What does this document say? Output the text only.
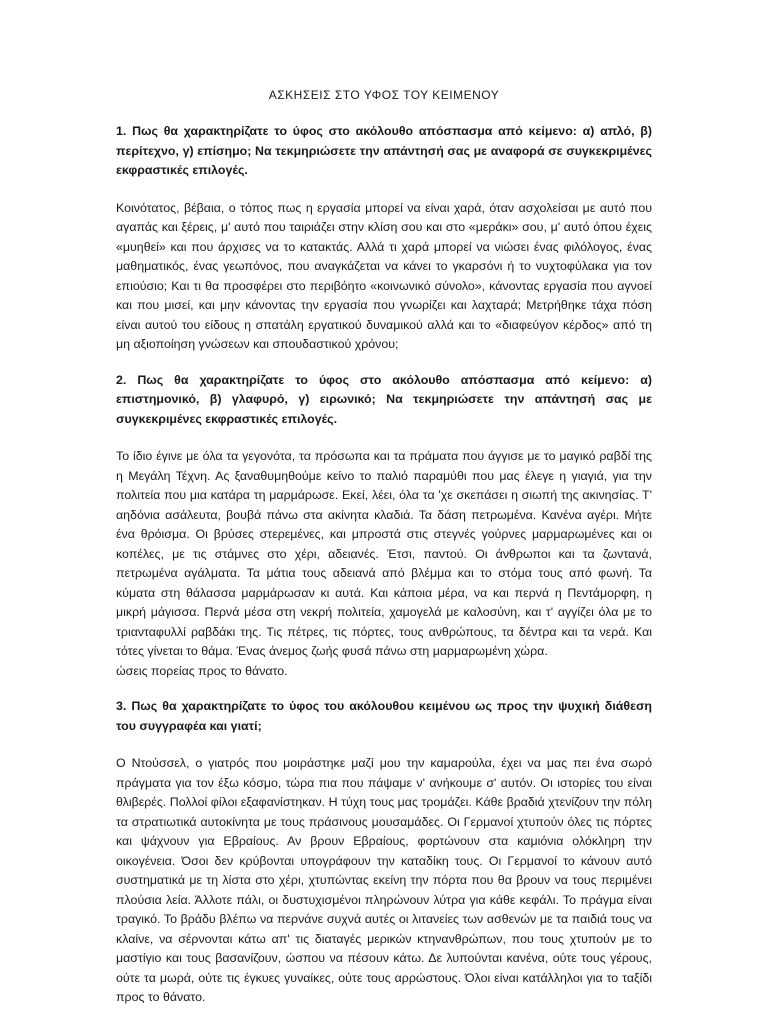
ΑΣΚΗΣΕΙΣ ΣΤΟ ΥΦΟΣ ΤΟΥ ΚΕΙΜΕΝΟΥ

1. Πως θα χαρακτηρίζατε το ύφος στο ακόλουθο απόσπασμα από κείμενο: α) απλό, β) περίτεχνο, γ) επίσημο; Να τεκμηριώσετε την απάντησή σας με αναφορά σε συγκεκριμένες εκφραστικές επιλογές.

Κοινότατος, βέβαια, ο τόπος πως η εργασία μπορεί να είναι χαρά, όταν ασχολείσαι με αυτό που αγαπάς και ξέρεις, μ' αυτό που ταιριάζει στην κλίση σου και στο «μεράκι» σου, μ' αυτό όπου έχεις «μυηθεί» και που άρχισες να το κατακτάς. Αλλά τι χαρά μπορεί να νιώσει ένας φιλόλογος, ένας μαθηματικός, ένας γεωπόνος, που αναγκάζεται να κάνει το γκαρσόνι ή το νυχτοφύλακα για τον επιούσιο; Και τι θα προσφέρει στο περιβόητο «κοινωνικό σύνολο», κάνοντας εργασία που αγνοεί και που μισεί, και μην κάνοντας την εργασία που γνωρίζει και λαχταρά; Μετρήθηκε τάχα πόση είναι αυτού του είδους η σπατάλη εργατικού δυναμικού αλλά και το «διαφεύγον κέρδος» από τη μη αξιοποίηση γνώσεων και σπουδαστικού χρόνου;

2. Πως θα χαρακτηρίζατε το ύφος στο ακόλουθο απόσπασμα από κείμενο: α) επιστημονικό, β) γλαφυρό, γ) ειρωνικό; Να τεκμηριώσετε την απάντησή σας με συγκεκριμένες εκφραστικές επιλογές.

Το ίδιο έγινε με όλα τα γεγονότα, τα πρόσωπα και τα πράματα που άγγισε με το μαγικό ραβδί της η Μεγάλη Τέχνη. Ας ξαναθυμηθούμε κείνο το παλιό παραμύθι που μας έλεγε η γιαγιά, για την πολιτεία που μια κατάρα τη μαρμάρωσε. Εκεί, λέει, όλα τα 'χε σκεπάσει η σιωπή της ακινησίας. Τ' αηδόνια ασάλευτα, βουβά πάνω στα ακίνητα κλαδιά. Τα δάση πετρωμένα. Κανένα αγέρι. Μήτε ένα θρόισμα. Οι βρύσες στερεμένες, και μπροστά στις στεγνές γούρνες μαρμαρωμένες και οι κοπέλες, με τις στάμνες στο χέρι, αδειανές. Έτσι, παντού. Οι άνθρωποι και τα ζωντανά, πετρωμένα αγάλματα. Τα μάτια τους αδειανά από βλέμμα και το στόμα τους από φωνή. Τα κύματα στη θάλασσα μαρμάρωσαν κι αυτά. Και κάποια μέρα, να και περνά η Πεντάμορφη, η μικρή μάγισσα. Περνά μέσα στη νεκρή πολιτεία, χαμογελά με καλοσύνη, και τ' αγγίζει όλα με το τριανταφυλλί ραβδάκι της. Τις πέτρες, τις πόρτες, τους ανθρώπους, τα δέντρα και τα νερά. Και τότες γίνεται το θάμα. Ένας άνεμος ζωής φυσά πάνω στη μαρμαρωμένη χώρα.

ώσεις πορείας προς το θάνατο.

3. Πως θα χαρακτηρίζατε το ύφος του ακόλουθου κειμένου ως προς την ψυχική διάθεση του συγγραφέα και γιατί;

Ο Ντούσσελ, ο γιατρός που μοιράστηκε μαζί μου την καμαρούλα, έχει να μας πει ένα σωρό πράγματα για τον έξω κόσμο, τώρα πια που πάψαμε ν' ανήκουμε σ' αυτόν. Οι ιστορίες του είναι θλιβερές. Πολλοί φίλοι εξαφανίστηκαν. Η τύχη τους μας τρομάζει. Κάθε βραδιά χτενίζουν την πόλη τα στρατιωτικά αυτοκίνητα με τους πράσινους μουσαμάδες. Οι Γερμανοί χτυπούν όλες τις πόρτες και ψάχνουν για Εβραίους. Αν βρουν Εβραίους, φορτώνουν στα καμιόνια ολόκληρη την οικογένεια. Όσοι δεν κρύβονται υπογράφουν την καταδίκη τους. Οι Γερμανοί το κάνουν αυτό συστηματικά με τη λίστα στο χέρι, χτυπώντας εκείνη την πόρτα που θα βρουν να τους περιμένει πλούσια λεία. Άλλοτε πάλι, οι δυστυχισμένοι πληρώνουν λύτρα για κάθε κεφάλι. Το πράγμα είναι τραγικό. Το βράδυ βλέπω να περνάνε συχνά αυτές οι λιτανείες των ασθενών με τα παιδιά τους να κλαίνε, να σέρνονται κάτω απ' τις διαταγές μερικών κτηνανθρώπων, που τους χτυπούν με το μαστίγιο και τους βασανίζουν, ώσπου να πέσουν κάτω. Δε λυπούνται κανένα, ούτε τους γέρους, ούτε τα μωρά, ούτε τις έγκυες γυναίκες, ούτε τους αρρώστους. Όλοι είναι κατάλληλοι για το ταξίδι προς το θάνατο.
